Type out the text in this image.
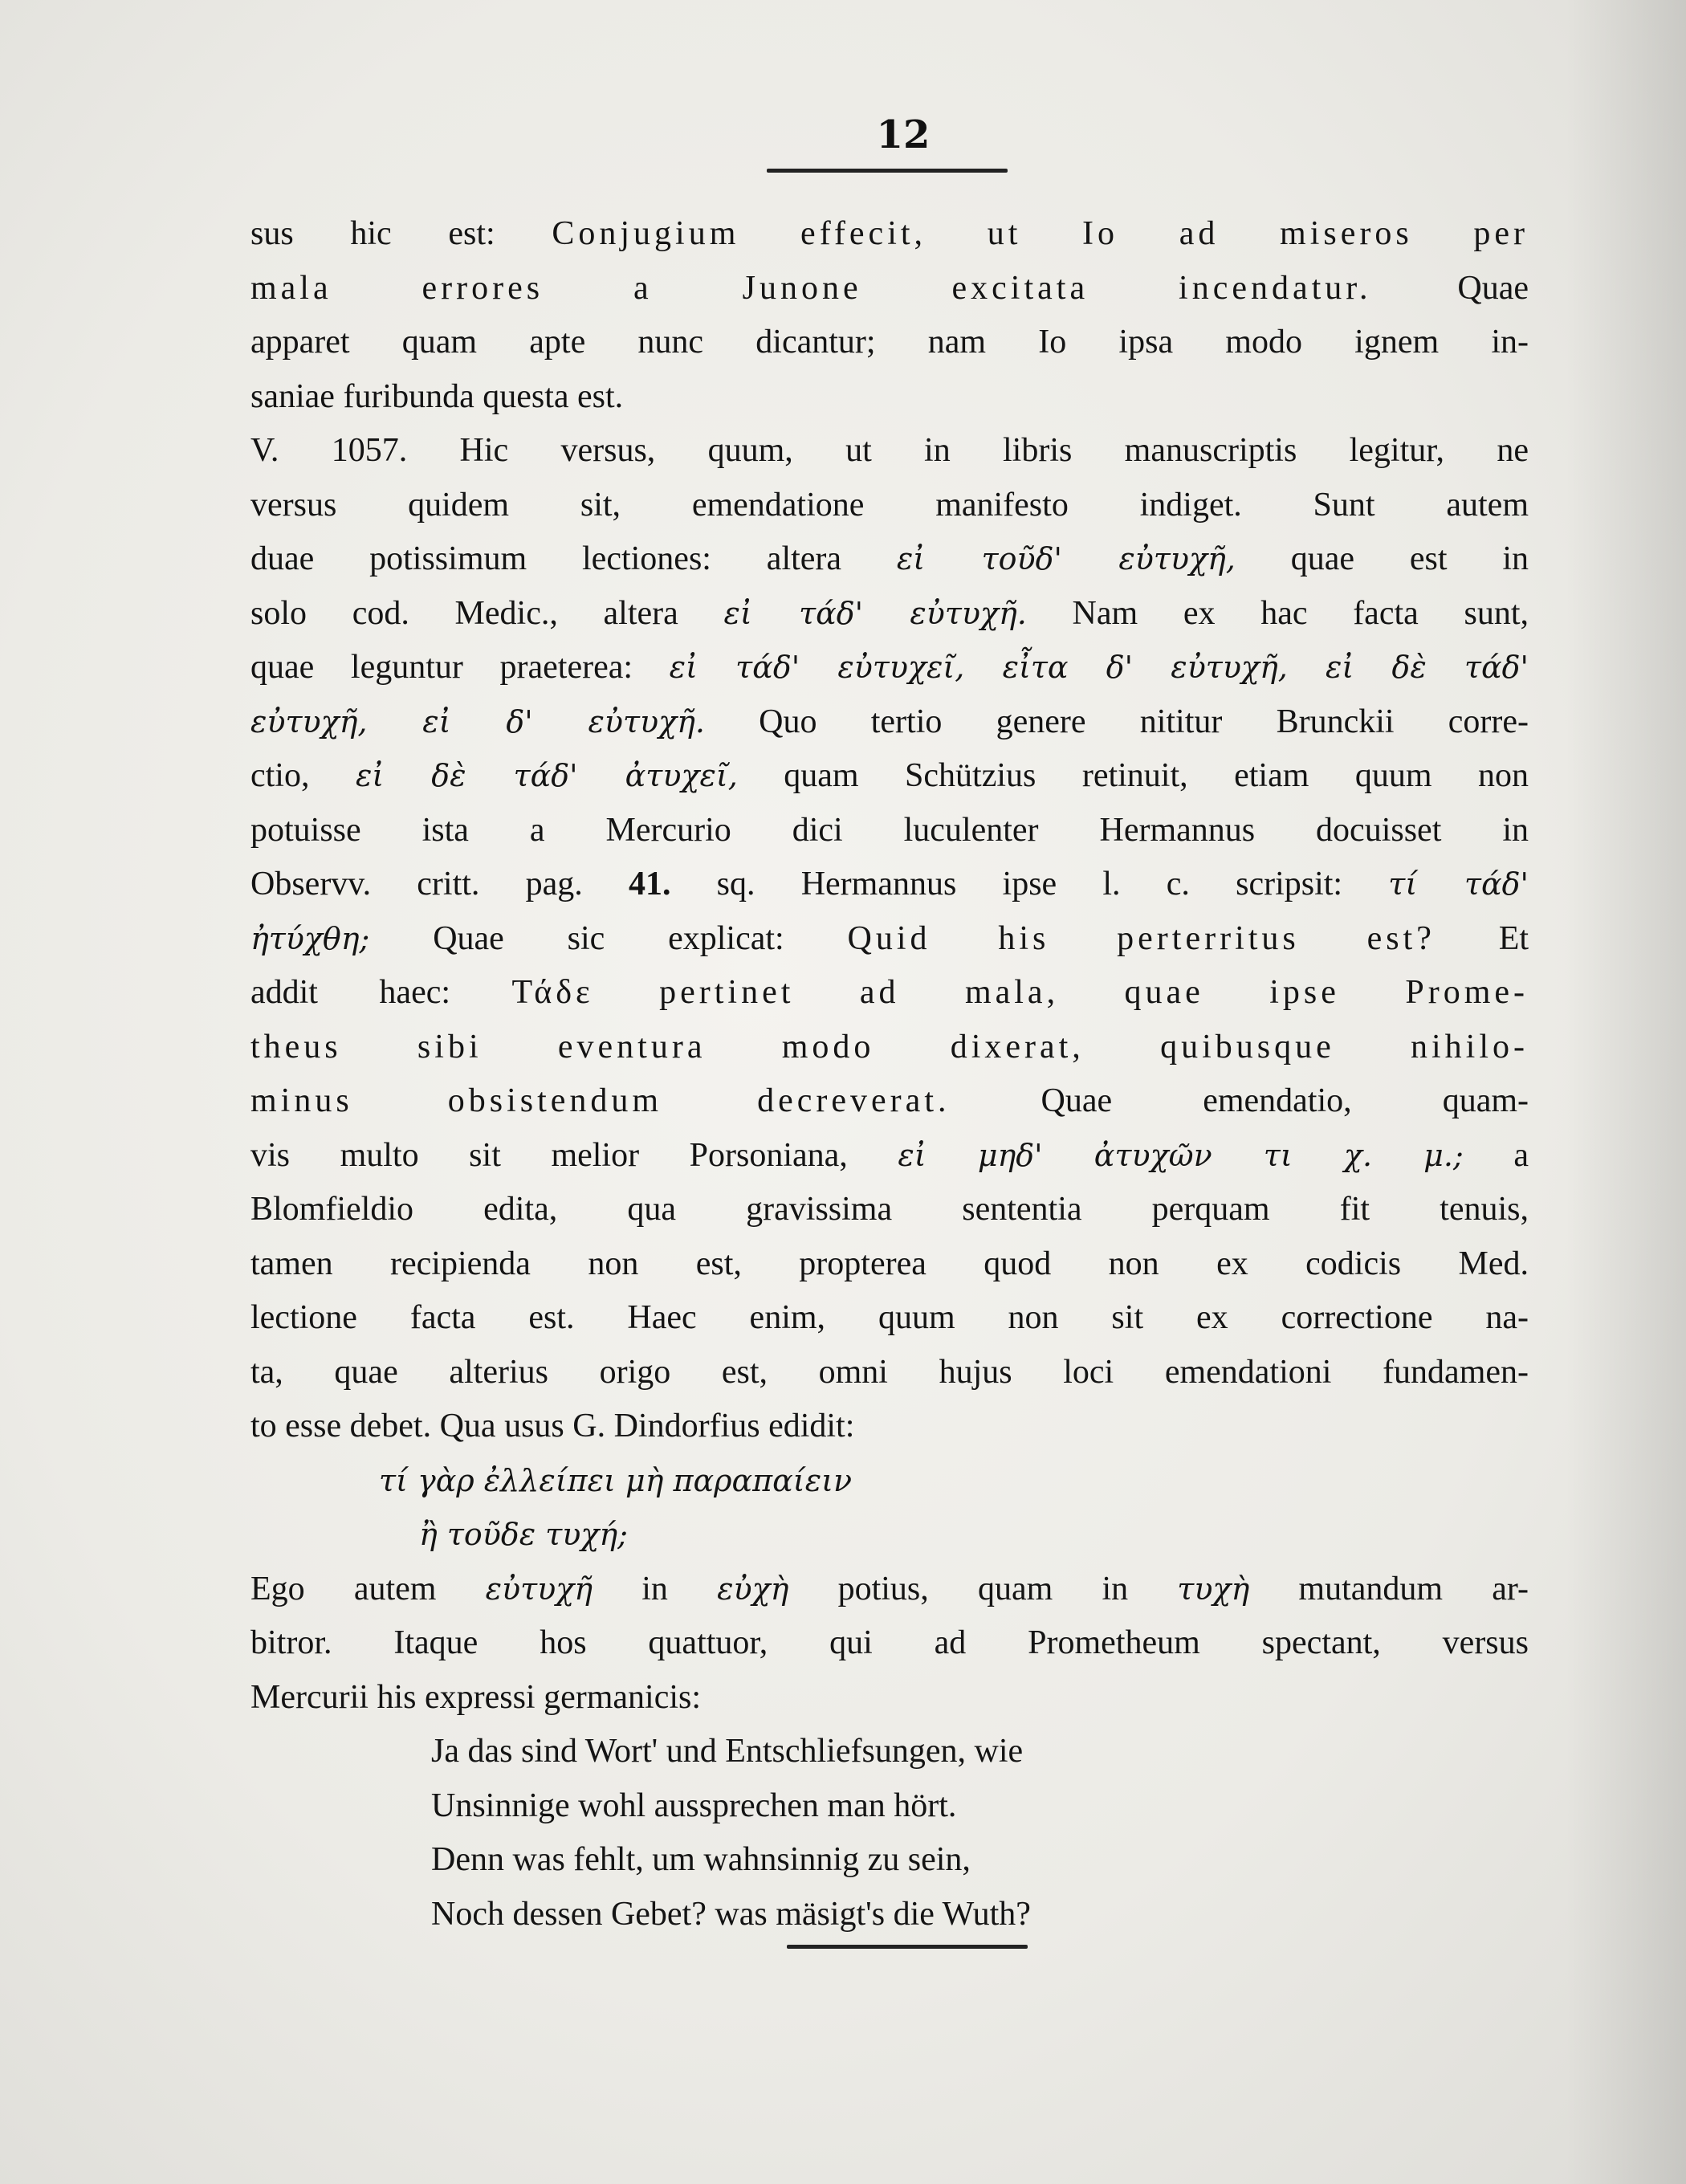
12
sus hic est: Conjugium effecit, ut Io ad miseros per
mala errores a Junone excitata incendatur. Quae
apparet quam apte nunc dicantur; nam Io ipsa modo ignem in-
saniae furibunda questa est.
V. 1057. Hic versus, quum, ut in libris manuscriptis legitur, ne
versus quidem sit, emendatione manifesto indiget. Sunt autem
duae potissimum lectiones: altera εἰ τοῦδ' εὐτυχῆ, quae est in
solo cod. Medic., altera εἰ τάδ' εὐτυχῆ. Nam ex hac facta sunt,
quae leguntur praeterea: εἰ τάδ' εὐτυχεῖ, εἶτα δ' εὐτυχῆ, εἰ δὲ τάδ'
εὐτυχῆ, εἰ δ' εὐτυχῆ. Quo tertio genere nititur Brunckii corre-
ctio, εἰ δὲ τάδ' ἀτυχεῖ, quam Schützius retinuit, etiam quum non
potuisse ista a Mercurio dici luculenter Hermannus docuisset in
Observv. critt. pag. 41. sq. Hermannus ipse l. c. scripsit: τί τάδ'
ἠτύχθη; Quae sic explicat: Quid his perterritus est? Et
addit haec: Τάδε pertinet ad mala, quae ipse Prome-
theus sibi eventura modo dixerat, quibusque nihilo-
minus obsistendum decreverat. Quae emendatio, quam-
vis multo sit melior Porsoniana, εἰ μηδ' ἀτυχῶν τι χ. μ.; a
Blomfieldio edita, qua gravissima sententia perquam fit tenuis,
tamen recipienda non est, propterea quod non ex codicis Med.
lectione facta est. Haec enim, quum non sit ex correctione na-
ta, quae alterius origo est, omni hujus loci emendationi fundamen-
to esse debet. Qua usus G. Dindorfius edidit:
τί γὰρ ἐλλείπει μὴ παραπαίειν
ἢ τοῦδε τυχή;
Ego autem εὐτυχῆ in εὐχὴ potius, quam in τυχὴ mutandum ar-
bitror. Itaque hos quattuor, qui ad Prometheum spectant, versus
Mercurii his expressi germanicis:
Ja das sind Wort' und Entschliefsungen, wie
Unsinnige wohl aussprechen man hört.
Denn was fehlt, um wahnsinnig zu sein,
Noch dessen Gebet? was mäsigt's die Wuth?
